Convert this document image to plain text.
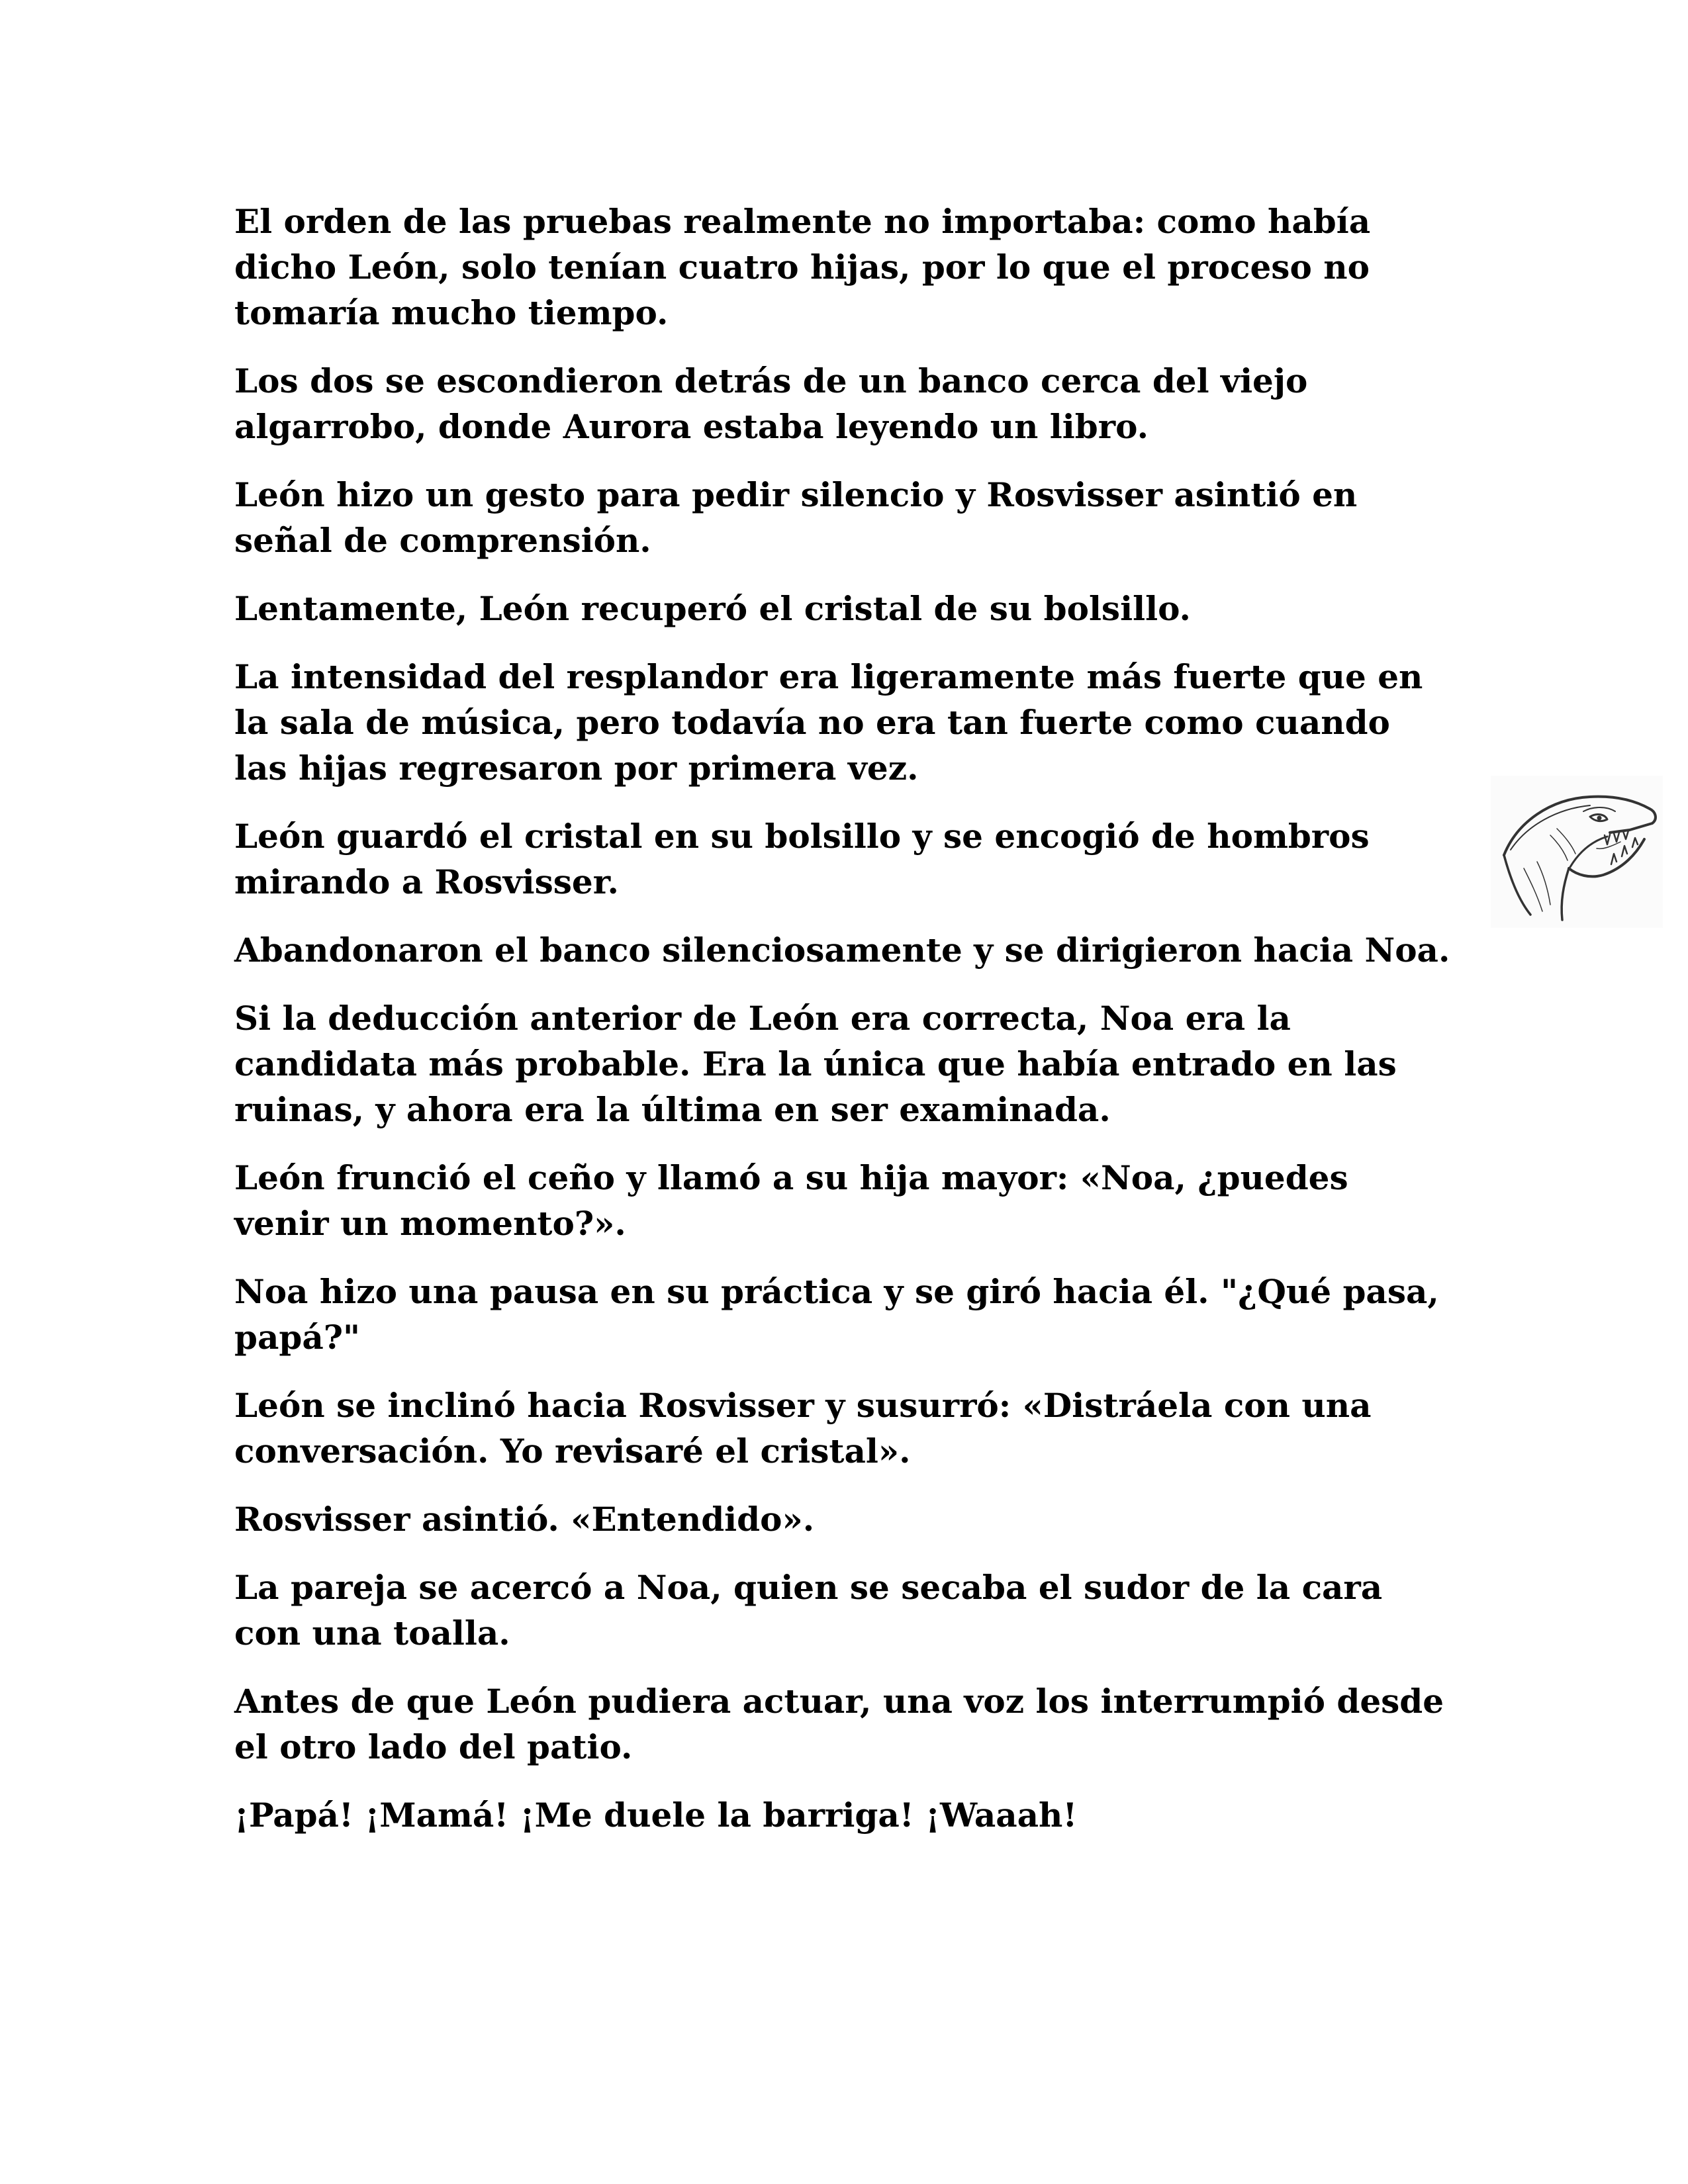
El orden de las pruebas realmente no importaba: como había dicho León, solo tenían cuatro hijas, por lo que el proceso no tomaría mucho tiempo.

Los dos se escondieron detrás de un banco cerca del viejo algarrobo, donde Aurora estaba leyendo un libro.

León hizo un gesto para pedir silencio y Rosvisser asintió en señal de comprensión.

Lentamente, León recuperó el cristal de su bolsillo.

La intensidad del resplandor era ligeramente más fuerte que en la sala de música, pero todavía no era tan fuerte como cuando las hijas regresaron por primera vez.

León guardó el cristal en su bolsillo y se encogió de hombros mirando a Rosvisser.

Abandonaron el banco silenciosamente y se dirigieron hacia Noa.

Si la deducción anterior de León era correcta, Noa era la candidata más probable. Era la única que había entrado en las ruinas, y ahora era la última en ser examinada.

León frunció el ceño y llamó a su hija mayor: «Noa, ¿puedes venir un momento?».

Noa hizo una pausa en su práctica y se giró hacia él. "¿Qué pasa, papá?"

León se inclinó hacia Rosvisser y susurró: «Distráela con una conversación. Yo revisaré el cristal».

Rosvisser asintió. «Entendido».

La pareja se acercó a Noa, quien se secaba el sudor de la cara con una toalla.

Antes de que León pudiera actuar, una voz los interrumpió desde el otro lado del patio.

¡Papá! ¡Mamá! ¡Me duele la barriga! ¡Waaah!
